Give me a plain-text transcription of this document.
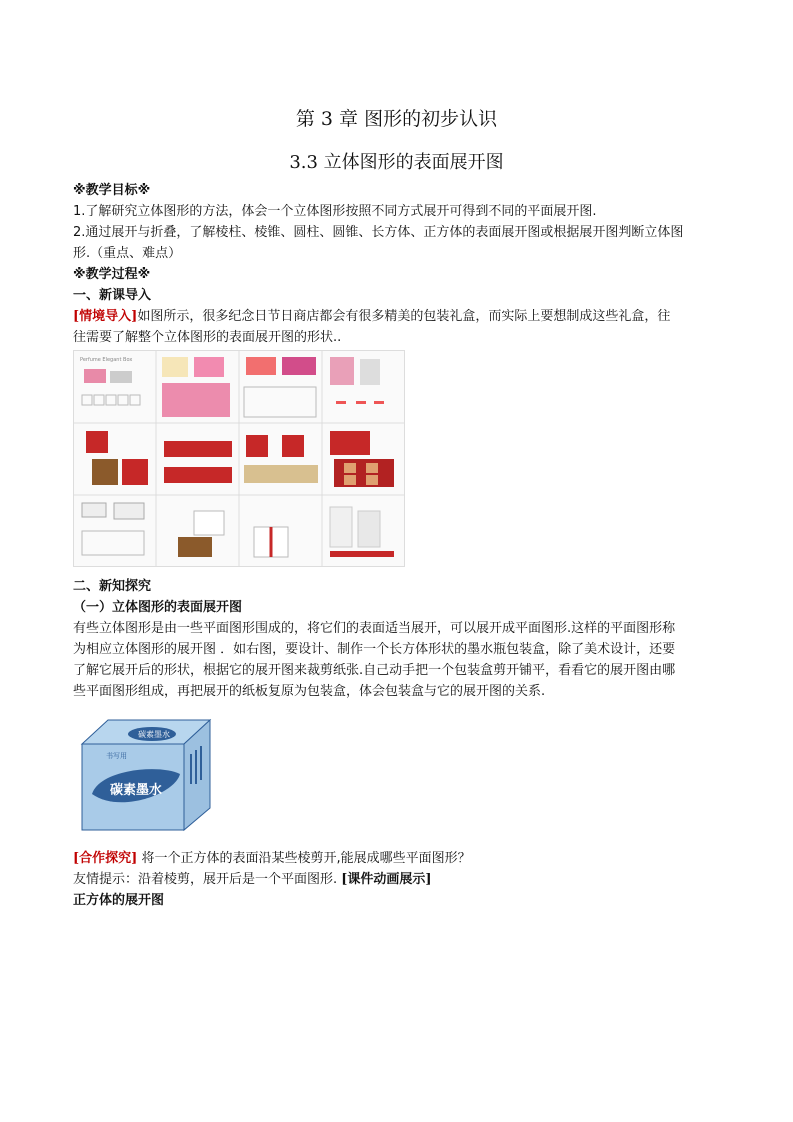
第 3 章 图形的初步认识
3.3 立体图形的表面展开图
※教学目标※
1.了解研究立体图形的方法，体会一个立体图形按照不同方式展开可得到不同的平面展开图.
2.通过展开与折叠，了解棱柱、棱锥、圆柱、圆锥、长方体、正方体的表面展开图或根据展开图判断立体图
形.（重点、难点）
※教学过程※
一、新课导入
[情境导入]如图所示，很多纪念日节日商店都会有很多精美的包装礼盒，而实际上要想制成这些礼盒，往
往需要了解整个立体图形的表面展开图的形状..
Perfume Elegant Box
二、新知探究
（一）立体图形的表面展开图
有些立体图形是由一些平面图形围成的，将它们的表面适当展开，可以展开成平面图形.这样的平面图形称
为相应立体图形的展开图 ．如右图，要设计、制作一个长方体形状的墨水瓶包装盒，除了美术设计，还要
了解它展开后的形状，根据它的展开图来裁剪纸张.自己动手把一个包装盒剪开铺平，看看它的展开图由哪
些平面图形组成，再把展开的纸板复原为包装盒，体会包装盒与它的展开图的关系.
碳素墨水
书写用
碳素墨水
[合作探究] 将一个正方体的表面沿某些棱剪开,能展成哪些平面图形？
友情提示：沿着棱剪，展开后是一个平面图形. [课件动画展示]
正方体的展开图
